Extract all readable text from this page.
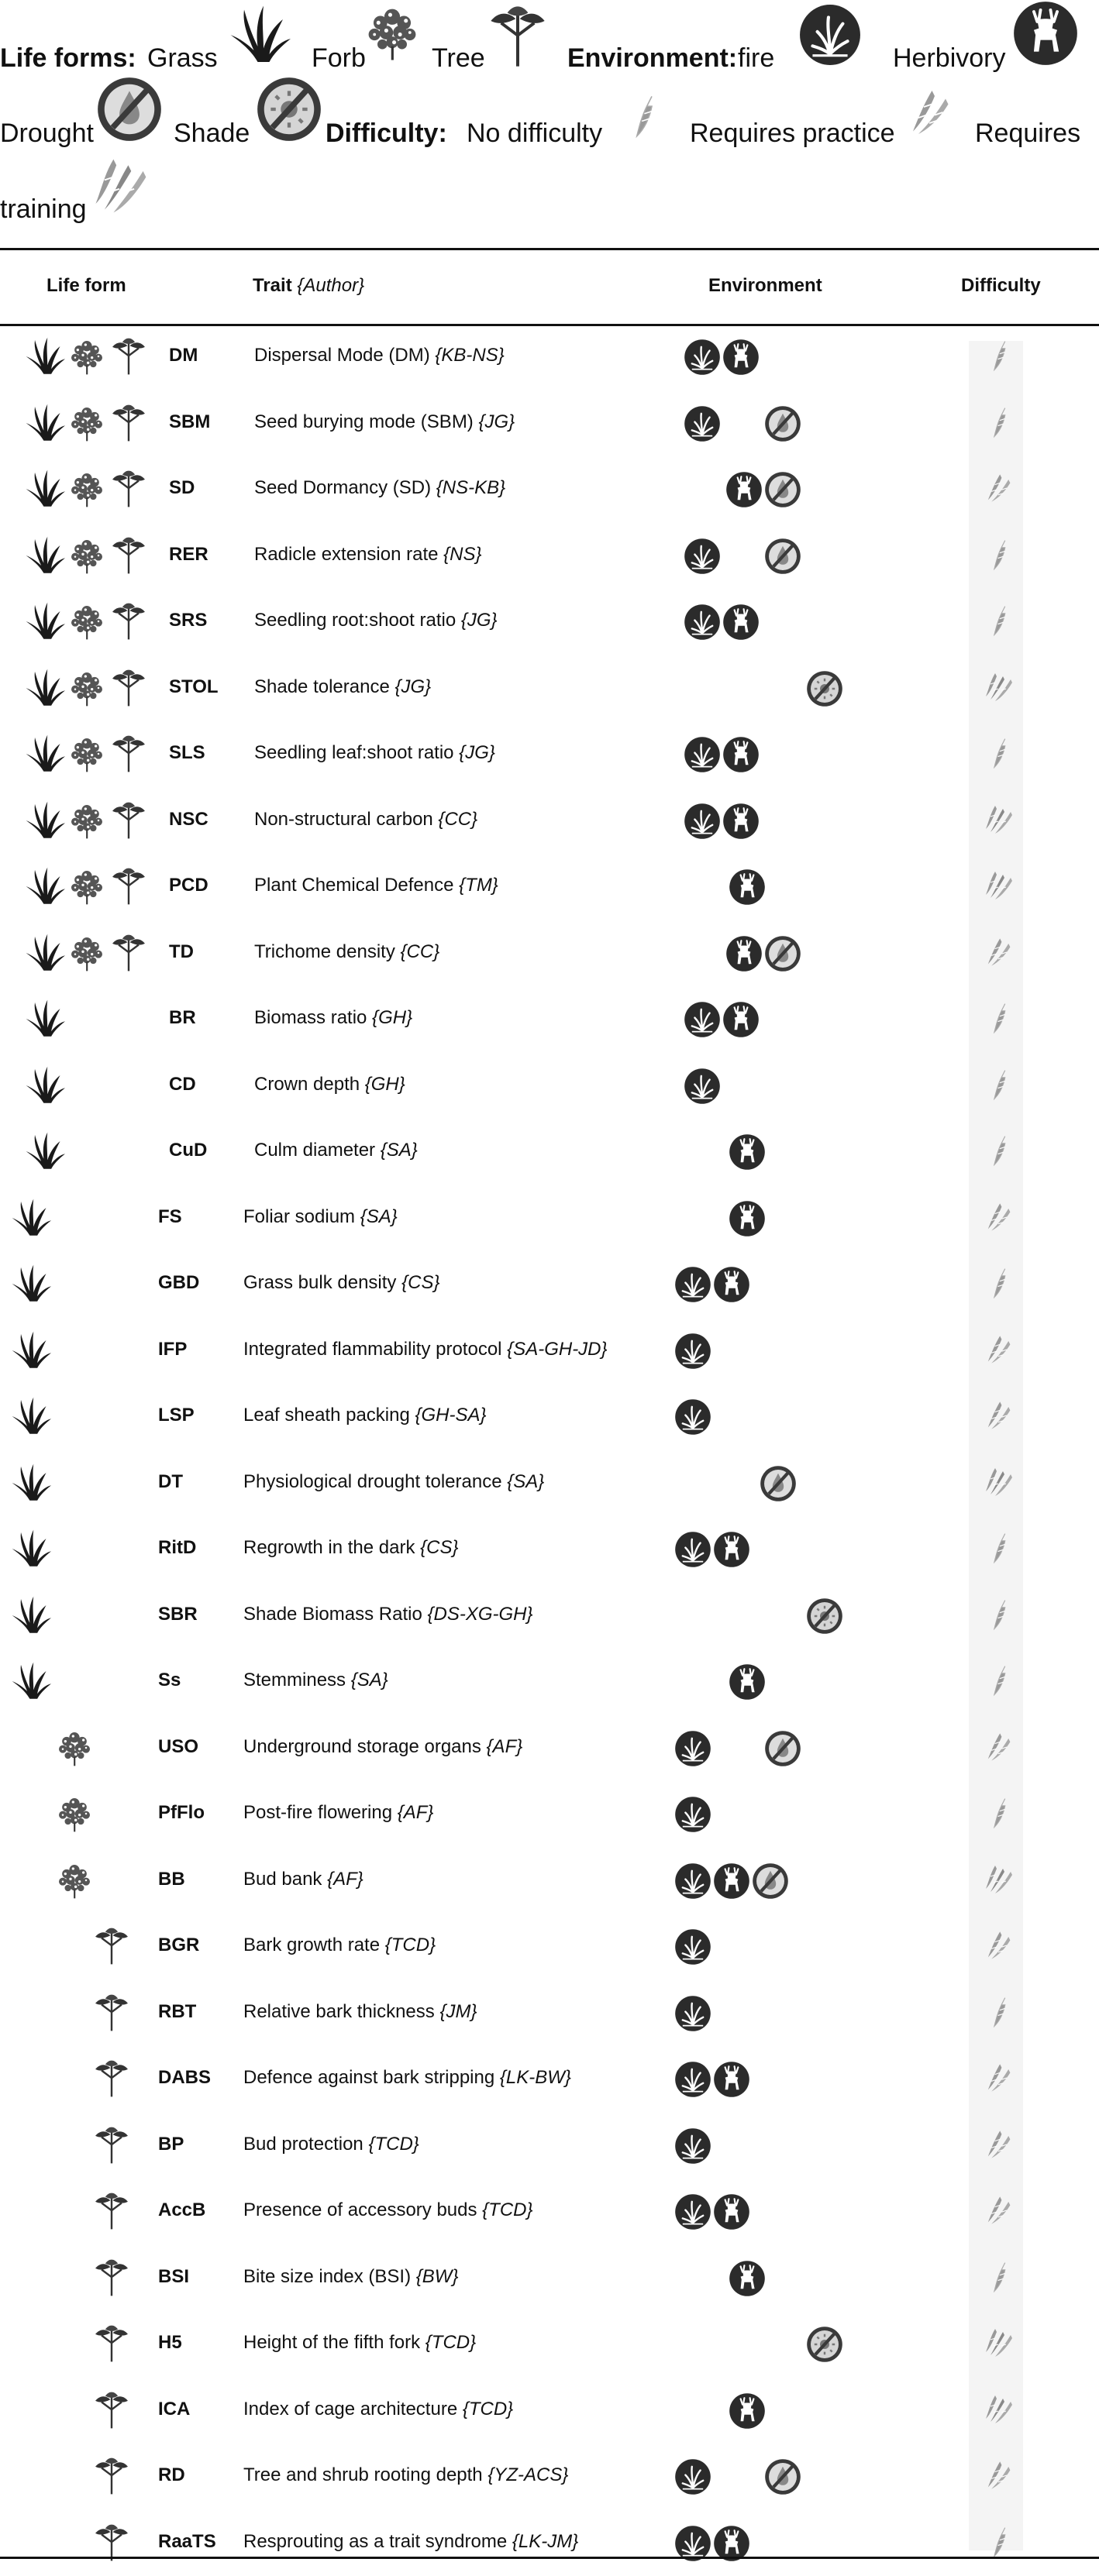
Life forms: Grass	Forb	Tree	Environment: fire	Herbivory
Drought	Shade	Difficulty: No difficulty	Requires practice	Requires
training
Life form	Trait {Author}	Environment	Difficulty
DM	Dispersal Mode (DM) {KB-NS}
SBM Seed burying mode (SBM) {JG}
SD	Seed Dormancy (SD) {NS-KB}
RER Radicle extension rate {NS}
SRS	Seedling root:shoot ratio {JG}
STOL Shade tolerance {JG}
SLS	Seedling leaf:shoot ratio {JG}
NSC Non-structural carbon {CC}
PCD Plant Chemical Defence {TM}
TD	Trichome density {CC}
BR	Biomass ratio {GH}
CD	Crown depth {GH}
CuD	Culm diameter {SA}
FS	Foliar sodium {SA}
GBD Grass bulk density {CS}
IFP	Integrated flammability protocol {SA-GH-JD}
LSP	Leaf sheath packing {GH-SA}
DT	Physiological drought tolerance {SA}
RitD	Regrowth in the dark {CS}
SBR Shade Biomass Ratio {DS-XG-GH}
Ss	Stemminess {SA}
USO Underground storage organs {AF}
PfFlo Post-fire flowering {AF}
BB	Bud bank {AF}
BGR Bark growth rate {TCD}
RBT	Relative bark thickness {JM}
DABS Defence against bark stripping {LK-BW}
BP	Bud protection {TCD}
AccB Presence of accessory buds {TCD}
BSI	Bite size index (BSI) {BW}
H5	Height of the fifth fork {TCD}
ICA	Index of cage architecture {TCD}
RD	Tree and shrub rooting depth {YZ-ACS}
RaaTS Resprouting as a trait syndrome {LK-JM}
